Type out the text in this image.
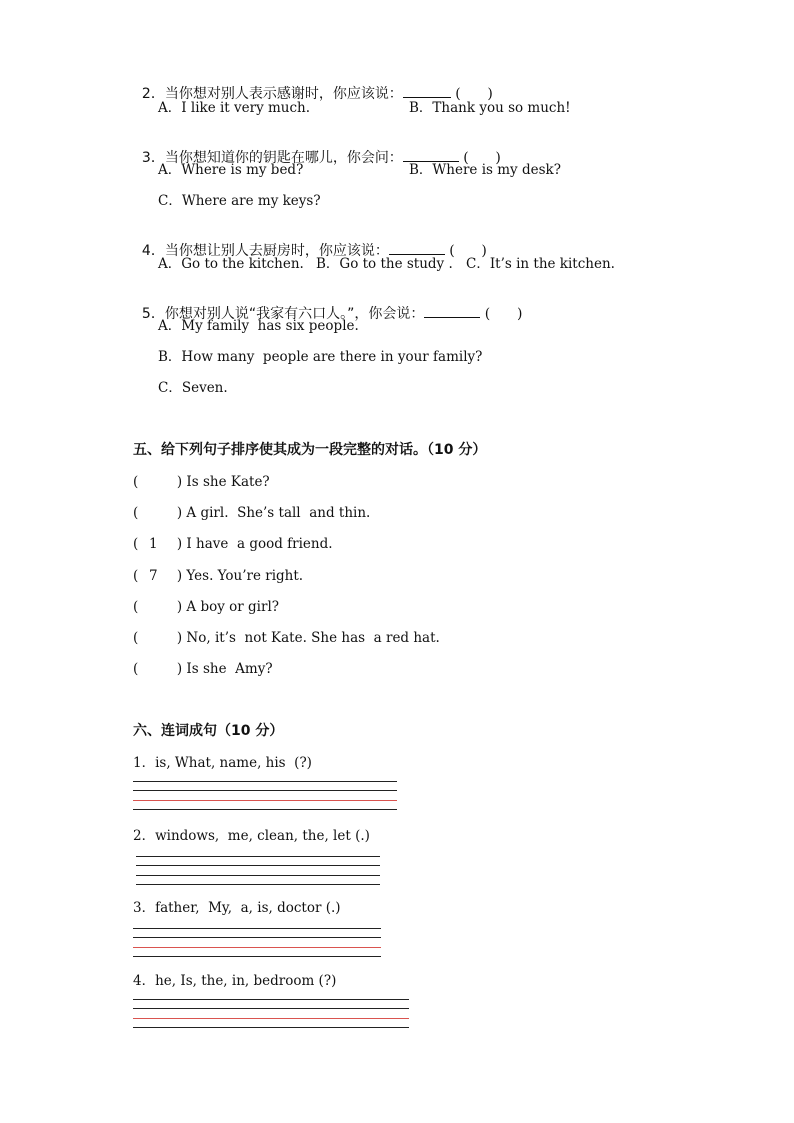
2．当你想对别人表示感谢时，你应该说：	(      )

A．I like it very much.	B．Thank you so much!

3．当你想知道你的钥匙在哪儿，你会问：	(      )

A．Where is my bed?	B．Where is my desk?
C．Where are my keys?

4．当你想让别人去厨房时，你应该说：	(      )

A．Go to the kitchen. B．Go to the study . C．It’s in the kitchen.

5．你想对别人说“我家有六口人。”，你会说：	(      )

A．My family  has six people.
B．How many  people are there in your family?
C．Seven.
五、给下列句子排序使其成为一段完整的对话。（10 分）
(	) Is she Kate?
(	) A girl.  She’s tall  and thin.
( 1 ) I have  a good friend.
( 7 ) Yes. You’re right.
(	) A boy or girl?
(	) No, it’s  not Kate. She has  a red hat.
(	) Is she  Amy?
六、连词成句（10 分）
1．is, What, name, his  (?)
2．windows,  me, clean, the, let (.)
3．father,  My,  a, is, doctor (.)
4．he, Is, the, in, bedroom (?)
